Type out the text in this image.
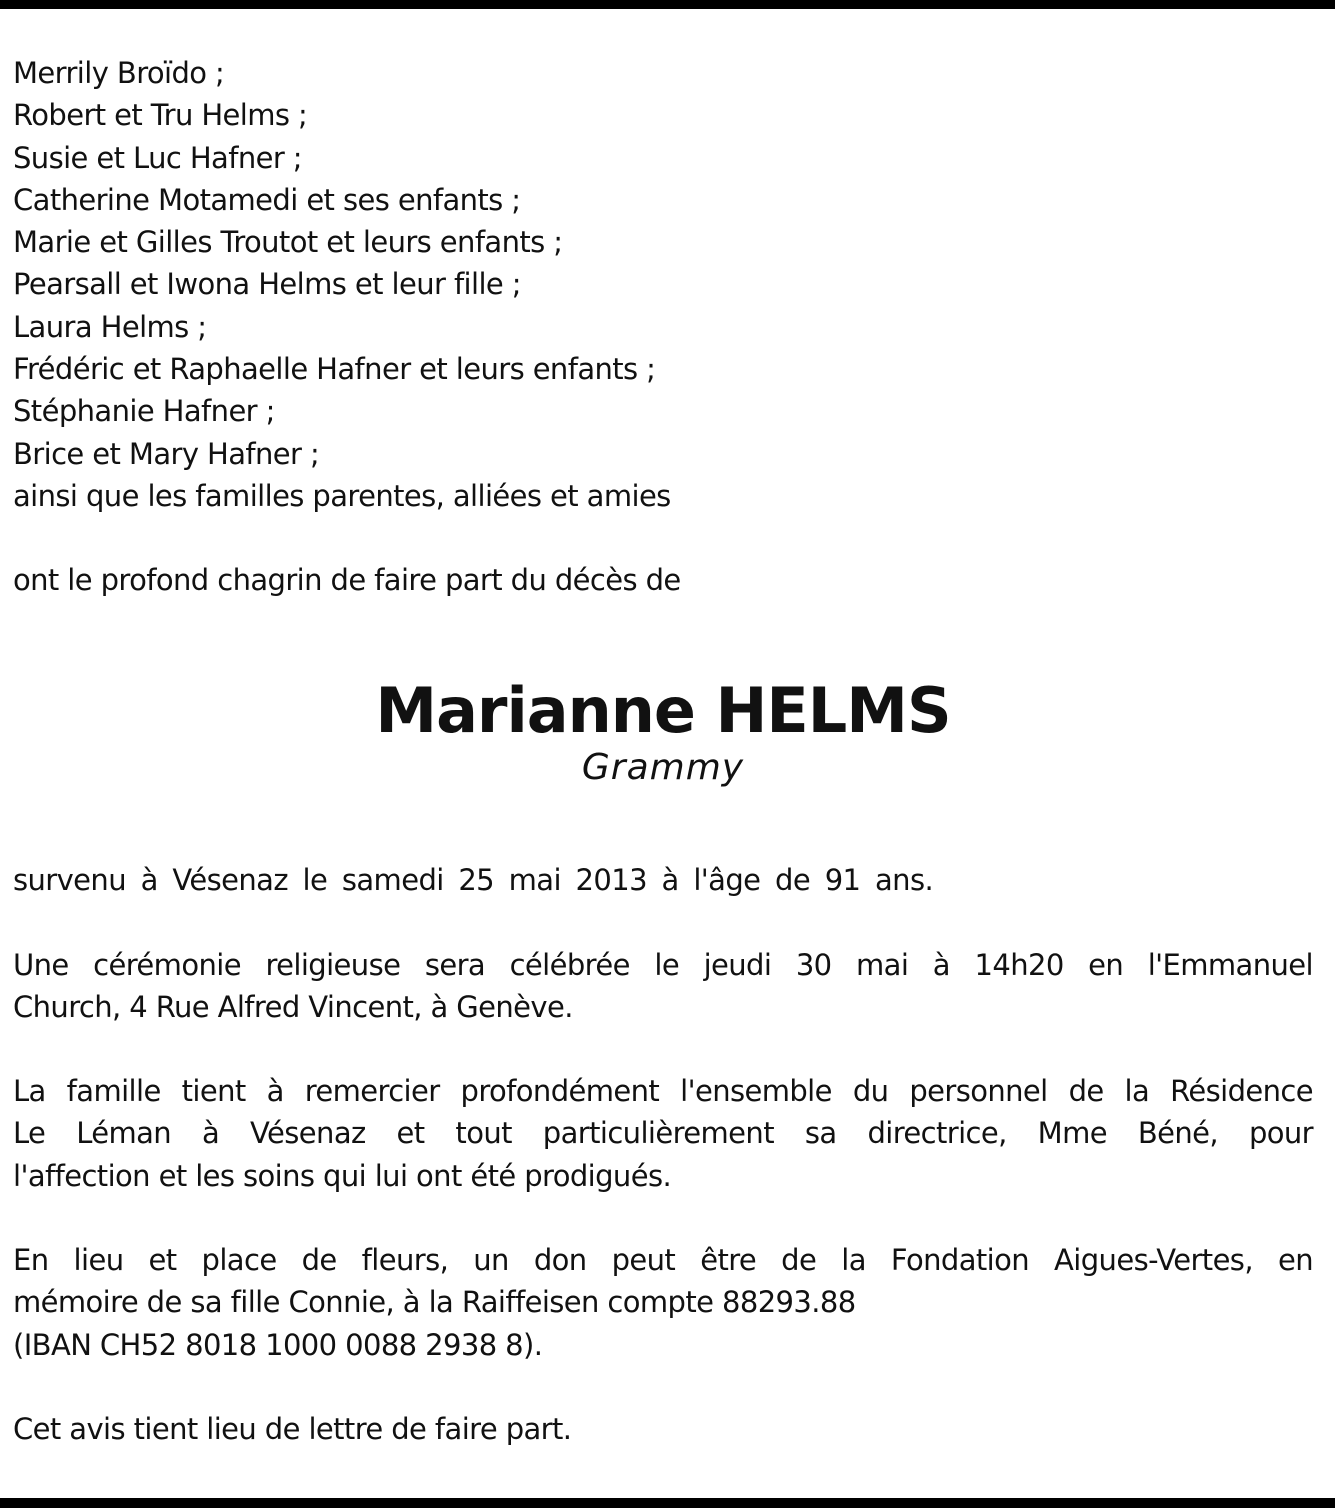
Merrily Broïdo ;
Robert et Tru Helms ;
Susie et Luc Hafner ;
Catherine Motamedi et ses enfants ;
Marie et Gilles Troutot et leurs enfants ;
Pearsall et Iwona Helms et leur fille ;
Laura Helms ;
Frédéric et Raphaelle Hafner et leurs enfants ;
Stéphanie Hafner ;
Brice et Mary Hafner ;
ainsi que les familles parentes, alliées et amies
ont le profond chagrin de faire part du décès de
Marianne HELMS
Grammy

survenu à Vésenaz le samedi 25 mai 2013 à l'âge de 91 ans.

Une cérémonie religieuse sera célébrée le jeudi 30 mai à 14h20 en l'Emmanuel
Church, 4 Rue Alfred Vincent, à Genève.

La famille tient à remercier profondément l'ensemble du personnel de la Résidence
Le Léman à Vésenaz et tout particulièrement sa directrice, Mme Béné, pour
l'affection et les soins qui lui ont été prodigués.

En lieu et place de fleurs, un don peut être de la Fondation Aigues-Vertes, en
mémoire de sa fille Connie, à la Raiffeisen compte 88293.88
(IBAN CH52 8018 1000 0088 2938 8).

Cet avis tient lieu de lettre de faire part.
